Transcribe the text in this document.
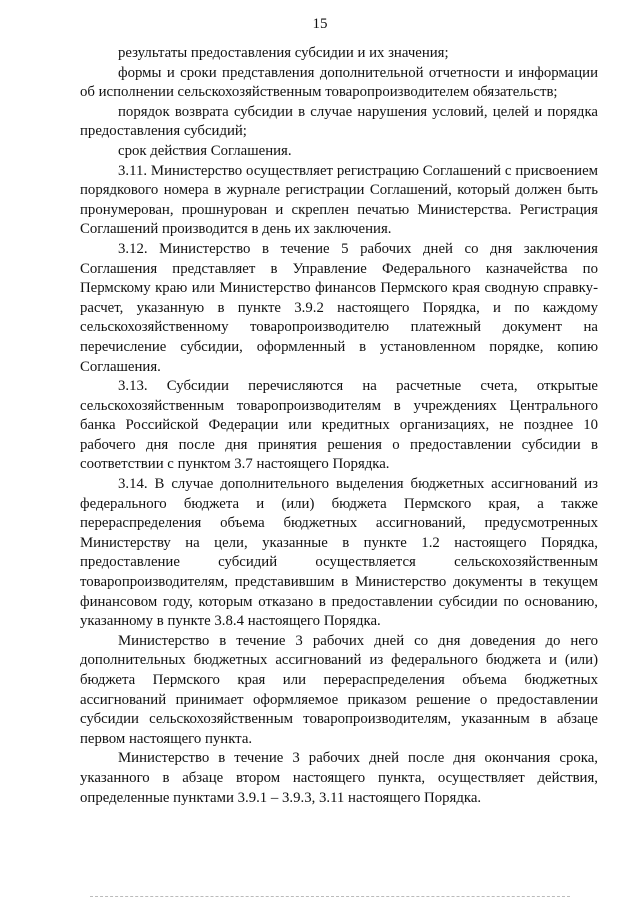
15

результаты предоставления субсидии и их значения;

формы и сроки представления дополнительной отчетности и информации об исполнении сельскохозяйственным товаропроизводителем обязательств;

порядок возврата субсидии в случае нарушения условий, целей и порядка предоставления субсидий;

срок действия Соглашения.

3.11. Министерство осуществляет регистрацию Соглашений с присвоением порядкового номера в журнале регистрации Соглашений, который должен быть пронумерован, прошнурован и скреплен печатью Министерства. Регистрация Соглашений производится в день их заключения.

3.12. Министерство в течение 5 рабочих дней со дня заключения Соглашения представляет в Управление Федерального казначейства по Пермскому краю или Министерство финансов Пермского края сводную справку-расчет, указанную в пункте 3.9.2 настоящего Порядка, и по каждому сельскохозяйственному товаропроизводителю платежный документ на перечисление субсидии, оформленный в установленном порядке, копию Соглашения.

3.13. Субсидии перечисляются на расчетные счета, открытые сельскохозяйственным товаропроизводителям в учреждениях Центрального банка Российской Федерации или кредитных организациях, не позднее 10 рабочего дня после дня принятия решения о предоставлении субсидии в соответствии с пунктом 3.7 настоящего Порядка.

3.14. В случае дополнительного выделения бюджетных ассигнований из федерального бюджета и (или) бюджета Пермского края, а также перераспределения объема бюджетных ассигнований, предусмотренных Министерству на цели, указанные в пункте 1.2 настоящего Порядка, предоставление субсидий осуществляется сельскохозяйственным товаропроизводителям, представившим в Министерство документы в текущем финансовом году, которым отказано в предоставлении субсидии по основанию, указанному в пункте 3.8.4 настоящего Порядка.

Министерство в течение 3 рабочих дней со дня доведения до него дополнительных бюджетных ассигнований из федерального бюджета и (или) бюджета Пермского края или перераспределения объема бюджетных ассигнований принимает оформляемое приказом решение о предоставлении субсидии сельскохозяйственным товаропроизводителям, указанным в абзаце первом настоящего пункта.

Министерство в течение 3 рабочих дней после дня окончания срока, указанного в абзаце втором настоящего пункта, осуществляет действия, определенные пунктами 3.9.1 – 3.9.3, 3.11 настоящего Порядка.
